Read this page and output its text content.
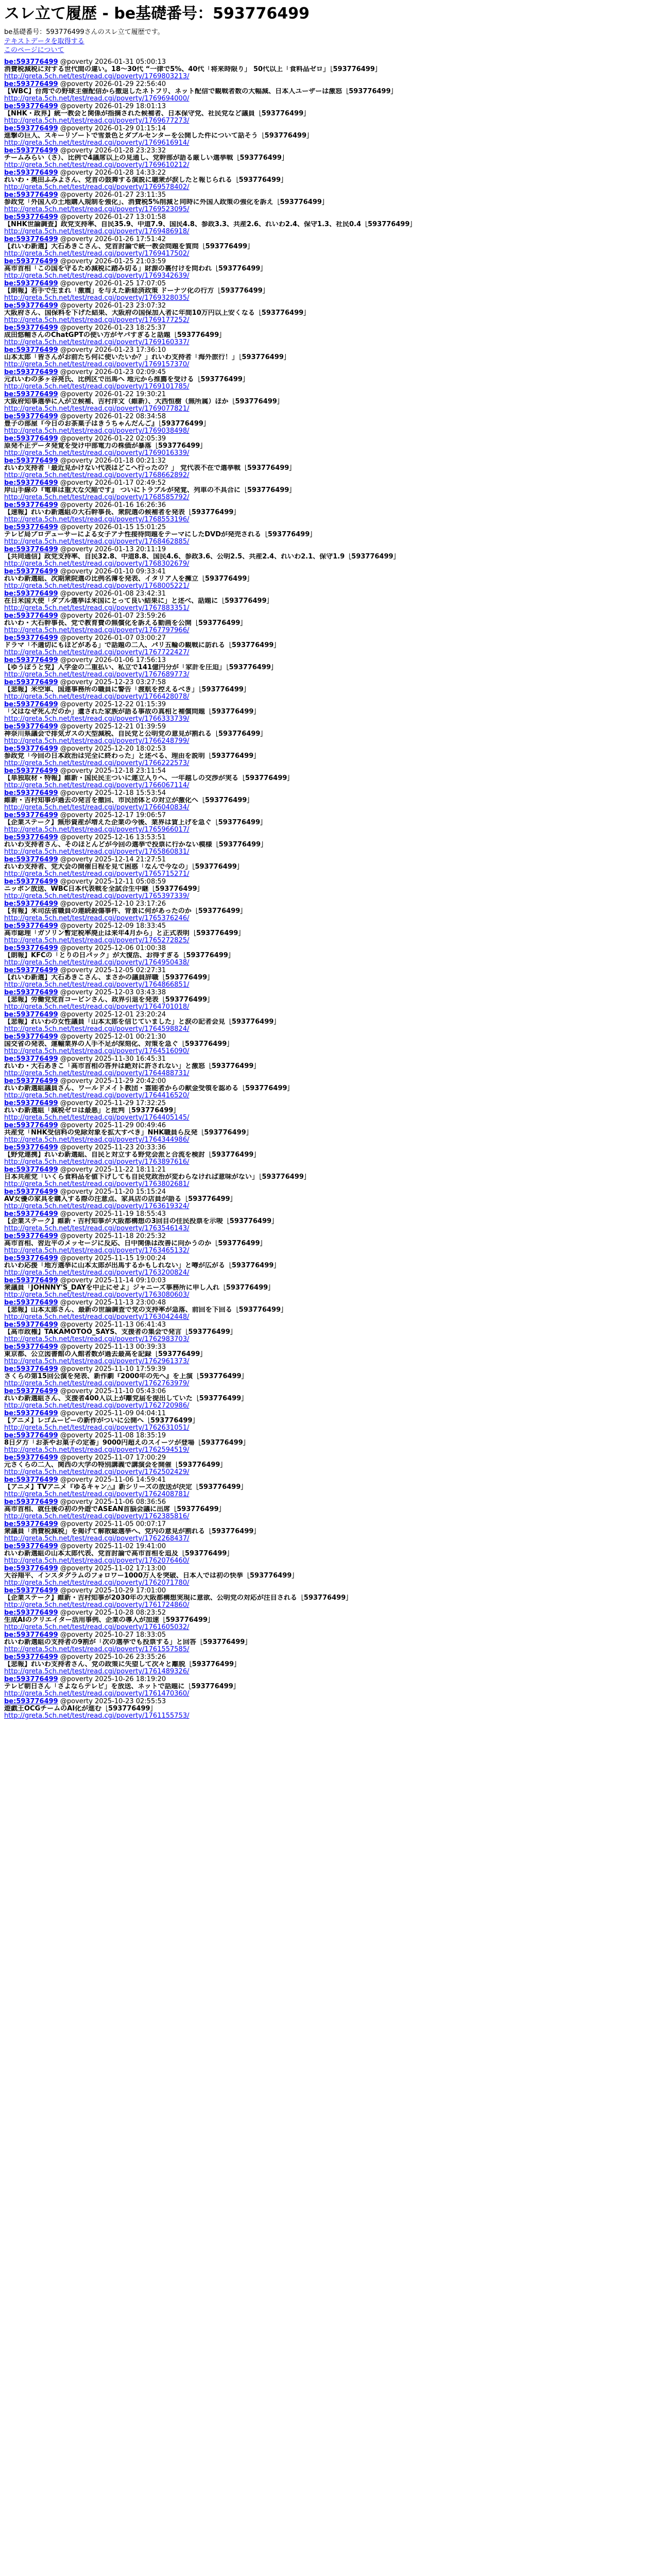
スレ立て履歴 - be基礎番号：593776499
be基礎番号：593776499さんのスレ立て履歴です。
テキストデータを取得する
このページについて
be:593776499 @poverty 2026-01-31 05:00:13
消費税減税に対する世代間の違い。18〜30代 “一律で5%、40代「将来時限り」 50代以上「食料品ゼロ」［593776499］
http://greta.5ch.net/test/read.cgi/poverty/1769803213/
be:593776499 @poverty 2026-01-29 22:56:40
【WBC】台湾での野球主催配信から撤退したネトフリ、ネット配信で観戦者数の大幅減、日本人ユーザーは激怒［593776499］
http://greta.5ch.net/test/read.cgi/poverty/1769694000/
be:593776499 @poverty 2026-01-29 18:01:13
【NHK・政界】統一教会と関係が指摘された候補者、日本保守党、社民党など議員［593776499］
http://greta.5ch.net/test/read.cgi/poverty/1769677273/
be:593776499 @poverty 2026-01-29 01:15:14
進撃の巨人、スキーリゾートで雪景色とダブルセンターを公開した件について話そう［593776499］
http://greta.5ch.net/test/read.cgi/poverty/1769616914/
be:593776499 @poverty 2026-01-28 23:23:32
チームみらい（さ）、比例で4議席以上の見通し、党幹部が語る厳しい選挙戦［593776499］
http://greta.5ch.net/test/read.cgi/poverty/1769610212/
be:593776499 @poverty 2026-01-28 14:33:22
れいわ・奥田ふみよさん、党首の鼓舞する演説に聴衆が涙したと報じられる［593776499］
http://greta.5ch.net/test/read.cgi/poverty/1769578402/
be:593776499 @poverty 2026-01-27 23:11:35
参政党「外国人の土地購入規制を強化」、消費税5%削減と同時に外国人政策の強化を訴え［593776499］
http://greta.5ch.net/test/read.cgi/poverty/1769523095/
be:593776499 @poverty 2026-01-27 13:01:58
【NHK世論調査】政党支持率、自民35.9、中道7.9、国民4.8、参政3.3、共産2.6、れいわ2.4、保守1.3、社民0.4［593776499］
http://greta.5ch.net/test/read.cgi/poverty/1769486918/
be:593776499 @poverty 2026-01-26 17:51:42
【れいわ新選】大石あきこさん、党首討論で統一教会問題を質問［593776499］
http://greta.5ch.net/test/read.cgi/poverty/1769417502/
be:593776499 @poverty 2026-01-25 21:03:59
高市首相「この国を守るため減税に踏み切る」財源の裏付けを問われ［593776499］
http://greta.5ch.net/test/read.cgi/poverty/1769342639/
be:593776499 @poverty 2026-01-25 17:07:05
【朗報】若手で生まれ「激震」を与えた新経済政策 ドーナツ化の行方［593776499］
http://greta.5ch.net/test/read.cgi/poverty/1769328035/
be:593776499 @poverty 2026-01-23 23:07:32
大阪府さん、国保料を下げた結果、大阪府の国保加入者に年間10万円以上安くなる［593776499］
http://greta.5ch.net/test/read.cgi/poverty/1769177252/
be:593776499 @poverty 2026-01-23 18:25:37
成田悠輔さんのChatGPTの使い方がヤバすぎると話題［593776499］
http://greta.5ch.net/test/read.cgi/poverty/1769160337/
be:593776499 @poverty 2026-01-23 17:36:10
山本太郎「皆さんがお前たち何に使いたいか？」れいわ支持者「海外旅行！」［593776499］
http://greta.5ch.net/test/read.cgi/poverty/1769157370/
be:593776499 @poverty 2026-01-23 02:09:45
元れいわの多ヶ谷亮氏、比例区で出馬へ 地元から推薦を受ける［593776499］
http://greta.5ch.net/test/read.cgi/poverty/1769101785/
be:593776499 @poverty 2026-01-22 19:30:21
大阪府知事選挙に入が立候補、吉村洋文（維新）、大西恒樹（無所属）ほか［593776499］
http://greta.5ch.net/test/read.cgi/poverty/1769077821/
be:593776499 @poverty 2026-01-22 08:34:58
豊子の部屋『今日のお茶菓子はきうちゃんだんご』［593776499］
http://greta.5ch.net/test/read.cgi/poverty/1769038498/
be:593776499 @poverty 2026-01-22 02:05:39
原発不正データ発覚を受け中部電力の株価が暴落［593776499］
http://greta.5ch.net/test/read.cgi/poverty/1769016339/
be:593776499 @poverty 2026-01-18 00:21:32
れいわ支持者「最近見かけない代表はどこへ行ったの？」 党代表不在で選挙戦［593776499］
http://greta.5ch.net/test/read.cgi/poverty/1768662892/
be:593776499 @poverty 2026-01-17 02:49:52
岸山手線の『電車は重大な欠陥です』 ついにトラブルが発覚、列車の不具合に［593776499］
http://greta.5ch.net/test/read.cgi/poverty/1768585792/
be:593776499 @poverty 2026-01-16 16:26:36
【速報】れいわ新選組の大石幹事長、衆院選の候補者を発表［593776499］
http://greta.5ch.net/test/read.cgi/poverty/1768553196/
be:593776499 @poverty 2026-01-15 15:01:25
テレビ局プロデューサーによる女子アナ性接待問題をテーマにしたDVDが発売される［593776499］
http://greta.5ch.net/test/read.cgi/poverty/1768462885/
be:593776499 @poverty 2026-01-13 20:11:19
【共同通信】政党支持率、自民32.8、中道8.8、国民4.6、参政3.6、公明2.5、共産2.4、れいわ2.1、保守1.9［593776499］
http://greta.5ch.net/test/read.cgi/poverty/1768302679/
be:593776499 @poverty 2026-01-10 09:33:41
れいわ新選組、次期衆院選の比例名簿を発表、イタリア人を擁立［593776499］
http://greta.5ch.net/test/read.cgi/poverty/1768005221/
be:593776499 @poverty 2026-01-08 23:42:31
在日米国大使「ダブル選挙は米国にとって良い結果に」と述べ、話題に［593776499］
http://greta.5ch.net/test/read.cgi/poverty/1767883351/
be:593776499 @poverty 2026-01-07 23:59:26
れいわ・大石幹事長、党で教育費の無償化を訴える動画を公開［593776499］
http://greta.5ch.net/test/read.cgi/poverty/1767797966/
be:593776499 @poverty 2026-01-07 03:00:27
ドラマ「不適切にもほどがある」で話題の二人、パリ五輪の観戦に訪れる［593776499］
http://greta.5ch.net/test/read.cgi/poverty/1767722427/
be:593776499 @poverty 2026-01-06 17:56:13
【ゆうぽうと党】入学金の二重払い、私立で141億円分が「家計を圧迫」［593776499］
http://greta.5ch.net/test/read.cgi/poverty/1767689773/
be:593776499 @poverty 2025-12-23 03:27:58
【悲報】米空軍、国連事務所の職員に警告「渡航を控えるべき」［593776499］
http://greta.5ch.net/test/read.cgi/poverty/1766428078/
be:593776499 @poverty 2025-12-22 01:15:39
「父はなぜ死んだのか」遺された家族が語る事故の真相と補償問題［593776499］
http://greta.5ch.net/test/read.cgi/poverty/1766333739/
be:593776499 @poverty 2025-12-21 01:39:59
神奈川県議会で排気ガスの大型減税、自民党と公明党の意見が割れる［593776499］
http://greta.5ch.net/test/read.cgi/poverty/1766248799/
be:593776499 @poverty 2025-12-20 18:02:53
参政党「今回の日本政治は完全に終わった」と述べる、理由を説明［593776499］
http://greta.5ch.net/test/read.cgi/poverty/1766222573/
be:593776499 @poverty 2025-12-18 23:11:54
【単独取材・特報】維新・国民民主ついに連立入りへ、一年越しの交渉が実る［593776499］
http://greta.5ch.net/test/read.cgi/poverty/1766067114/
be:593776499 @poverty 2025-12-18 15:53:54
維新・吉村知事が過去の発言を撤回、市民団体との対立が激化へ［593776499］
http://greta.5ch.net/test/read.cgi/poverty/1766040834/
be:593776499 @poverty 2025-12-17 19:06:57
【企業ステーク】無形資産が増えた企業の今後、業界は賃上げを急ぐ［593776499］
http://greta.5ch.net/test/read.cgi/poverty/1765966017/
be:593776499 @poverty 2025-12-16 13:53:51
れいわ支持者さん、そのほとんどが今回の選挙で投票に行かない模様［593776499］
http://greta.5ch.net/test/read.cgi/poverty/1765860831/
be:593776499 @poverty 2025-12-14 21:27:51
れいわ支持者、党大会の開催日程を見て困惑「なんで今なの」［593776499］
http://greta.5ch.net/test/read.cgi/poverty/1765715271/
be:593776499 @poverty 2025-12-11 05:08:59
ニッポン放送、WBC日本代表戦を全試合生中継［593776499］
http://greta.5ch.net/test/read.cgi/poverty/1765397339/
be:593776499 @poverty 2025-12-10 23:17:26
【有報】米司法省職員の連続殺傷事件、背景に何があったのか［593776499］
http://greta.5ch.net/test/read.cgi/poverty/1765376246/
be:593776499 @poverty 2025-12-09 18:33:45
高市総理「ガソリン暫定税率廃止は来年4月から」と正式表明［593776499］
http://greta.5ch.net/test/read.cgi/poverty/1765272825/
be:593776499 @poverty 2025-12-06 01:00:38
【朗報】KFCの「とりの日パック」が大復活、お得すぎる［593776499］
http://greta.5ch.net/test/read.cgi/poverty/1764950438/
be:593776499 @poverty 2025-12-05 02:27:31
【れいわ新選】大石あきこさん、まさかの議員辞職［593776499］
http://greta.5ch.net/test/read.cgi/poverty/1764866851/
be:593776499 @poverty 2025-12-03 03:43:38
【悲報】労働党党首コービンさん、政界引退を発表［593776499］
http://greta.5ch.net/test/read.cgi/poverty/1764701018/
be:593776499 @poverty 2025-12-01 23:20:24
【悲報】れいわの女性議員「山本太郎を信じていました」と涙の記者会見［593776499］
http://greta.5ch.net/test/read.cgi/poverty/1764598824/
be:593776499 @poverty 2025-12-01 00:21:30
国交省の発表、運輸業界の人手不足が深刻化、対策を急ぐ［593776499］
http://greta.5ch.net/test/read.cgi/poverty/1764516090/
be:593776499 @poverty 2025-11-30 16:45:31
れいわ・大石あきこ「高市首相の答弁は絶対に許されない」と激怒［593776499］
http://greta.5ch.net/test/read.cgi/poverty/1764488731/
be:593776499 @poverty 2025-11-29 20:42:00
れいわ新選組議員さん、ワールドメイト教団・霊能者からの献金受領を認める［593776499］
http://greta.5ch.net/test/read.cgi/poverty/1764416520/
be:593776499 @poverty 2025-11-29 17:32:25
れいわ新選組「減税ゼロは最悪」と批判［593776499］
http://greta.5ch.net/test/read.cgi/poverty/1764405145/
be:593776499 @poverty 2025-11-29 00:49:46
共産党「NHK受信料の免除対象を拡大すべき」NHK職員ら反発［593776499］
http://greta.5ch.net/test/read.cgi/poverty/1764344986/
be:593776499 @poverty 2025-11-23 20:33:36
【野党連携】れいわ新選組、自民と対立する野党会派と合流を検討［593776499］
http://greta.5ch.net/test/read.cgi/poverty/1763897616/
be:593776499 @poverty 2025-11-22 18:11:21
日本共産党「いくら食料品を値下げしても自民党政治が変わらなければ意味がない」［593776499］
http://greta.5ch.net/test/read.cgi/poverty/1763802681/
be:593776499 @poverty 2025-11-20 15:15:24
AV女優の家具を購入する際の注意点、家具店の店員が語る［593776499］
http://greta.5ch.net/test/read.cgi/poverty/1763619324/
be:593776499 @poverty 2025-11-19 18:55:43
【企業ステーク】維新・吉村知事が大阪都構想の3回目の住民投票を示唆［593776499］
http://greta.5ch.net/test/read.cgi/poverty/1763546143/
be:593776499 @poverty 2025-11-18 20:25:32
高市首相、習近平のメッセージに反応、日中関係は改善に向かうのか［593776499］
http://greta.5ch.net/test/read.cgi/poverty/1763465132/
be:593776499 @poverty 2025-11-15 19:00:24
れいわ応援「地方選挙に山本太郎が出馬するかもしれない」と噂が広がる［593776499］
http://greta.5ch.net/test/read.cgi/poverty/1763200824/
be:593776499 @poverty 2025-11-14 09:10:03
衆議員「JOHNNY'S_DAYを中止にせよ」ジャニーズ事務所に申し入れ［593776499］
http://greta.5ch.net/test/read.cgi/poverty/1763080603/
be:593776499 @poverty 2025-11-13 23:00:48
【悲報】山本太郎さん、最新の世論調査で党の支持率が急落、前回を下回る［593776499］
http://greta.5ch.net/test/read.cgi/poverty/1763042448/
be:593776499 @poverty 2025-11-13 06:41:43
【高市政権】TAKAMOTOO_SAYS、支援者の集会で発言［593776499］
http://greta.5ch.net/test/read.cgi/poverty/1762983703/
be:593776499 @poverty 2025-11-13 00:39:33
東京都、公立図書館の入館者数が過去最高を記録［593776499］
http://greta.5ch.net/test/read.cgi/poverty/1762961373/
be:593776499 @poverty 2025-11-10 17:59:39
さくらの第15回公演を発表、新作劇『2000年の先へ』を上演［593776499］
http://greta.5ch.net/test/read.cgi/poverty/1762763979/
be:593776499 @poverty 2025-11-10 05:43:06
れいわ新選組さん、支援者400人以上が離党届を提出していた［593776499］
http://greta.5ch.net/test/read.cgi/poverty/1762720986/
be:593776499 @poverty 2025-11-09 04:04:11
【アニメ】レゴムービーの新作がついに公開へ［593776499］
http://greta.5ch.net/test/read.cgi/poverty/1762631051/
be:593776499 @poverty 2025-11-08 18:35:19
8日夕方「お茶やお菓子の定番」9000円超えのスイーツが登場［593776499］
http://greta.5ch.net/test/read.cgi/poverty/1762594519/
be:593776499 @poverty 2025-11-07 17:00:29
元さくらの二人、関西の大学の特別講義で講演会を開催［593776499］
http://greta.5ch.net/test/read.cgi/poverty/1762502429/
be:593776499 @poverty 2025-11-06 14:59:41
【アニメ】TVアニメ『ゆるキャン△』新シリーズの放送が決定［593776499］
http://greta.5ch.net/test/read.cgi/poverty/1762408781/
be:593776499 @poverty 2025-11-06 08:36:56
高市首相、就任後の初の外遊でASEAN首脳会議に出席［593776499］
http://greta.5ch.net/test/read.cgi/poverty/1762385816/
be:593776499 @poverty 2025-11-05 00:07:17
衆議員「消費税減税」を掲げて解散総選挙へ、党内の意見が割れる［593776499］
http://greta.5ch.net/test/read.cgi/poverty/1762268437/
be:593776499 @poverty 2025-11-02 19:41:00
れいわ新選組の山本太郎代表、党首討論で高市首相を追及［593776499］
http://greta.5ch.net/test/read.cgi/poverty/1762076460/
be:593776499 @poverty 2025-11-02 17:13:00
大谷翔平、インスタグラムのフォロワー1000万人を突破、日本人では初の快挙［593776499］
http://greta.5ch.net/test/read.cgi/poverty/1762071780/
be:593776499 @poverty 2025-10-29 17:01:00
【企業ステーク】維新・吉村知事が2030年の大阪都構想実現に意欲、公明党の対応が注目される［593776499］
http://greta.5ch.net/test/read.cgi/poverty/1761724860/
be:593776499 @poverty 2025-10-28 08:23:52
生成AIのクリエイター活用事例、企業の導入が加速［593776499］
http://greta.5ch.net/test/read.cgi/poverty/1761605032/
be:593776499 @poverty 2025-10-27 18:33:05
れいわ新選組の支持者の9割が「次の選挙でも投票する」と回答［593776499］
http://greta.5ch.net/test/read.cgi/poverty/1761557585/
be:593776499 @poverty 2025-10-26 23:35:26
【悲報】れいわ支持者さん、党の政策に失望して次々と離脱［593776499］
http://greta.5ch.net/test/read.cgi/poverty/1761489326/
be:593776499 @poverty 2025-10-26 18:19:20
テレビ朝日さん「さよならテレビ」を放送、ネットで話題に［593776499］
http://greta.5ch.net/test/read.cgi/poverty/1761470360/
be:593776499 @poverty 2025-10-23 02:55:53
遊戯王OCGチームのAI化が進む［593776499］
http://greta.5ch.net/test/read.cgi/poverty/1761155753/
